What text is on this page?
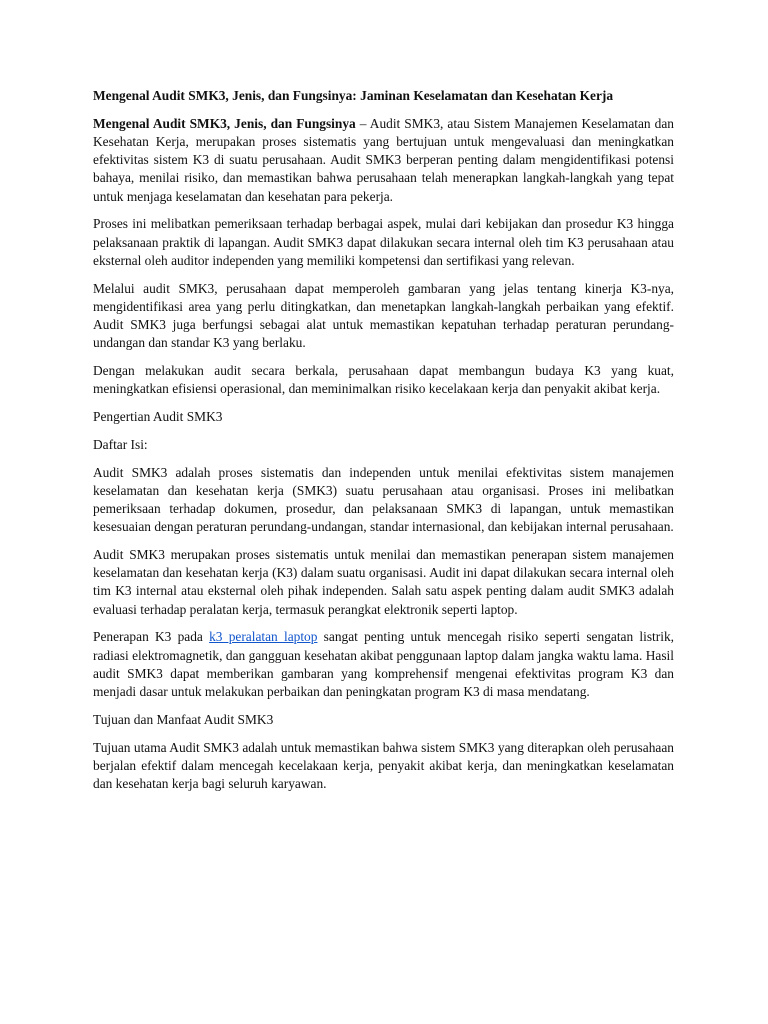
Mengenal Audit SMK3, Jenis, dan Fungsinya: Jaminan Keselamatan dan Kesehatan Kerja

Mengenal Audit SMK3, Jenis, dan Fungsinya – Audit SMK3, atau Sistem Manajemen Keselamatan dan Kesehatan Kerja, merupakan proses sistematis yang bertujuan untuk mengevaluasi dan meningkatkan efektivitas sistem K3 di suatu perusahaan. Audit SMK3 berperan penting dalam mengidentifikasi potensi bahaya, menilai risiko, dan memastikan bahwa perusahaan telah menerapkan langkah-langkah yang tepat untuk menjaga keselamatan dan kesehatan para pekerja.

Proses ini melibatkan pemeriksaan terhadap berbagai aspek, mulai dari kebijakan dan prosedur K3 hingga pelaksanaan praktik di lapangan. Audit SMK3 dapat dilakukan secara internal oleh tim K3 perusahaan atau eksternal oleh auditor independen yang memiliki kompetensi dan sertifikasi yang relevan.

Melalui audit SMK3, perusahaan dapat memperoleh gambaran yang jelas tentang kinerja K3-nya, mengidentifikasi area yang perlu ditingkatkan, dan menetapkan langkah-langkah perbaikan yang efektif. Audit SMK3 juga berfungsi sebagai alat untuk memastikan kepatuhan terhadap peraturan perundang-undangan dan standar K3 yang berlaku.

Dengan melakukan audit secara berkala, perusahaan dapat membangun budaya K3 yang kuat, meningkatkan efisiensi operasional, dan meminimalkan risiko kecelakaan kerja dan penyakit akibat kerja.

Pengertian Audit SMK3

Daftar Isi:

Audit SMK3 adalah proses sistematis dan independen untuk menilai efektivitas sistem manajemen keselamatan dan kesehatan kerja (SMK3) suatu perusahaan atau organisasi. Proses ini melibatkan pemeriksaan terhadap dokumen, prosedur, dan pelaksanaan SMK3 di lapangan, untuk memastikan kesesuaian dengan peraturan perundang-undangan, standar internasional, dan kebijakan internal perusahaan.

Audit SMK3 merupakan proses sistematis untuk menilai dan memastikan penerapan sistem manajemen keselamatan dan kesehatan kerja (K3) dalam suatu organisasi. Audit ini dapat dilakukan secara internal oleh tim K3 internal atau eksternal oleh pihak independen. Salah satu aspek penting dalam audit SMK3 adalah evaluasi terhadap peralatan kerja, termasuk perangkat elektronik seperti laptop.

Penerapan K3 pada k3 peralatan laptop sangat penting untuk mencegah risiko seperti sengatan listrik, radiasi elektromagnetik, dan gangguan kesehatan akibat penggunaan laptop dalam jangka waktu lama. Hasil audit SMK3 dapat memberikan gambaran yang komprehensif mengenai efektivitas program K3 dan menjadi dasar untuk melakukan perbaikan dan peningkatan program K3 di masa mendatang.

Tujuan dan Manfaat Audit SMK3

Tujuan utama Audit SMK3 adalah untuk memastikan bahwa sistem SMK3 yang diterapkan oleh perusahaan berjalan efektif dalam mencegah kecelakaan kerja, penyakit akibat kerja, dan meningkatkan keselamatan dan kesehatan kerja bagi seluruh karyawan.
